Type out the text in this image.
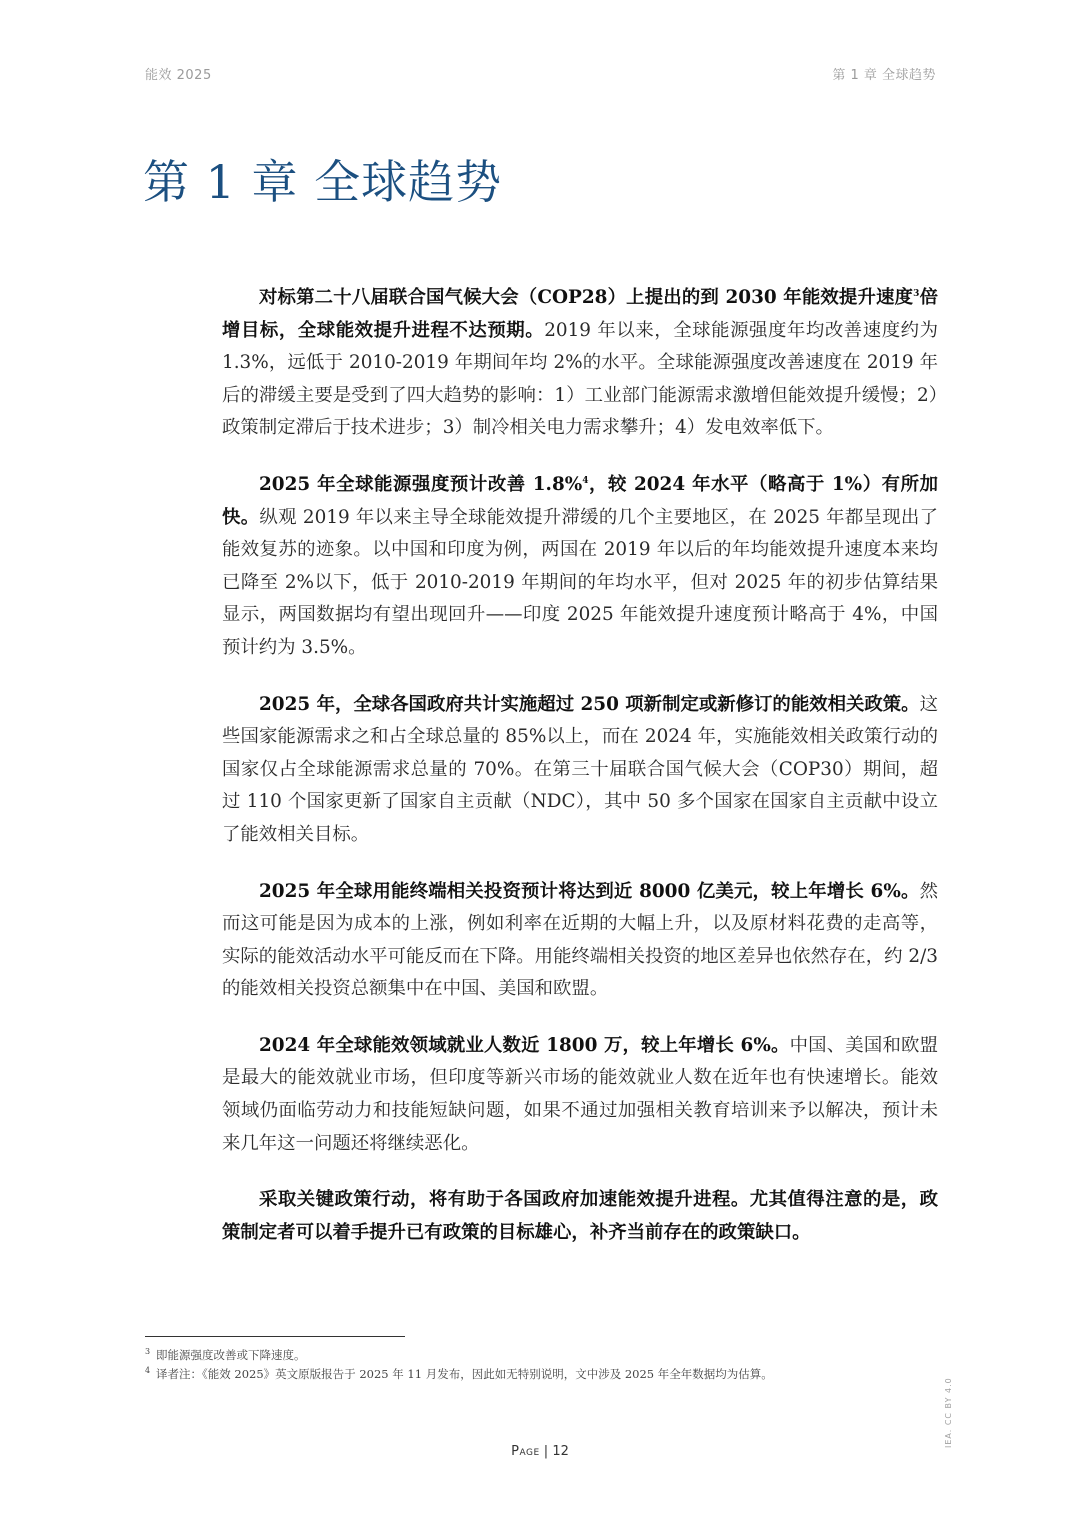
能效 2025	第 1 章 全球趋势
第 1 章 全球趋势

对标第二十八届联合国气候大会（COP28）上提出的到 2030 年能效提升速度$^3$倍增目标，全球能效提升进程不达预期。2019 年以来，全球能源强度年均改善速度约为 1.3%，远低于 2010-2019 年期间年均 2%的水平。全球能源强度改善速度在 2019 年后的滞缓主要是受到了四大趋势的影响：1）工业部门能源需求激增但能效提升缓慢；2）政策制定滞后于技术进步；3）制冷相关电力需求攀升；4）发电效率低下。

2025 年全球能源强度预计改善 1.8%$^4$，较 2024 年水平（略高于 1%）有所加快。纵观 2019 年以来主导全球能效提升滞缓的几个主要地区，在 2025 年都呈现出了能效复苏的迹象。以中国和印度为例，两国在 2019 年以后的年均能效提升速度本来均已降至 2%以下，低于 2010-2019 年期间的年均水平，但对 2025 年的初步估算结果显示，两国数据均有望出现回升——印度 2025 年能效提升速度预计略高于 4%，中国预计约为 3.5%。

2025 年，全球各国政府共计实施超过 250 项新制定或新修订的能效相关政策。这些国家能源需求之和占全球总量的 85%以上，而在 2024 年，实施能效相关政策行动的国家仅占全球能源需求总量的 70%。在第三十届联合国气候大会（COP30）期间，超过 110 个国家更新了国家自主贡献（NDC），其中 50 多个国家在国家自主贡献中设立了能效相关目标。

2025 年全球用能终端相关投资预计将达到近 8000 亿美元，较上年增长 6%。然而这可能是因为成本的上涨，例如利率在近期的大幅上升，以及原材料花费的走高等，实际的能效活动水平可能反而在下降。用能终端相关投资的地区差异也依然存在，约 2/3 的能效相关投资总额集中在中国、美国和欧盟。

2024 年全球能效领域就业人数近 1800 万，较上年增长 6%。中国、美国和欧盟是最大的能效就业市场，但印度等新兴市场的能效就业人数在近年也有快速增长。能效领域仍面临劳动力和技能短缺问题，如果不通过加强相关教育培训来予以解决，预计未来几年这一问题还将继续恶化。

采取关键政策行动，将有助于各国政府加速能效提升进程。尤其值得注意的是，政策制定者可以着手提升已有政策的目标雄心，补齐当前存在的政策缺口。

3 即能源强度改善或下降速度。
4 译者注：《能效 2025》英文原版报告于 2025 年 11 月发布，因此如无特别说明，文中涉及 2025 年全年数据均为估算。
IEA. CC BY 4.0
Page | 12
